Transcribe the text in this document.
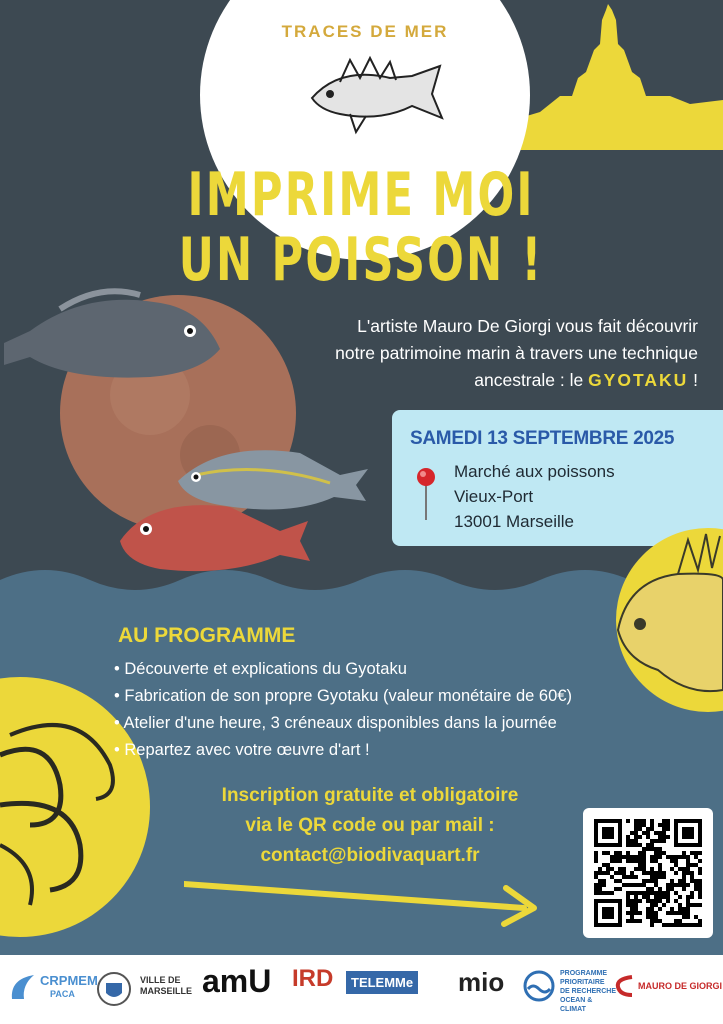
TRACES DE MER
IMPRIME MOI
UN POISSON !
L'artiste Mauro De Giorgi vous fait découvrir
notre patrimoine marin à travers une technique
ancestrale : le GYOTAKU !
SAMEDI 13 SEPTEMBRE 2025
Marché aux poissons
Vieux-Port
13001 Marseille
AU PROGRAMME
• Découverte et explications du Gyotaku
• Fabrication de son propre Gyotaku (valeur monétaire de 60€)
• Atelier d'une heure, 3 créneaux disponibles dans la journée
• Repartez avec votre œuvre d'art !
Inscription gratuite et obligatoire
via le QR code ou par mail :
contact@biodivaquart.fr
CRPMEM
PACA
VILLE DE MARSEILLE amU IRD	TELEMMe mio	PROGRAMME PRIORITAIRE DE RECHERCHE OCEAN & CLIMAT
MAURO DE GIORGI
